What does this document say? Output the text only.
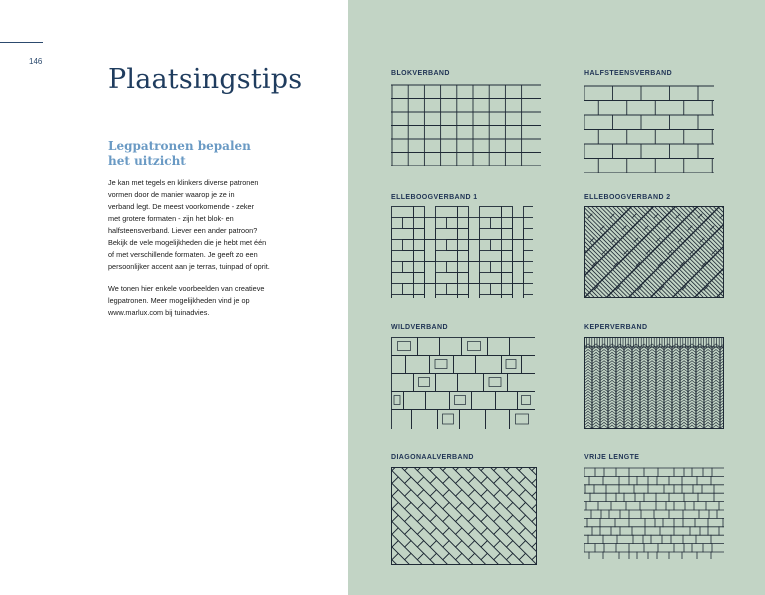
146
Plaatsingstips
Legpatronen bepalen
het uitzicht

Je kan met tegels en klinkers diverse patronen
vormen door de manier waarop je ze in
verband legt. De meest voorkomende - zeker
met grotere formaten - zijn het blok- en
halfsteensverband. Liever een ander patroon?
Bekijk de vele mogelijkheden die je hebt met één
of met verschillende formaten. Je geeft zo een
persoonlijker accent aan je terras, tuinpad of oprit.

We tonen hier enkele voorbeelden van creatieve
legpatronen. Meer mogelijkheden vind je op
www.marlux.com bij tuinadvies.

BLOKVERBAND	HALFSTEENSVERBAND
ELLEBOOGVERBAND 1	ELLEBOOGVERBAND 2
WILDVERBAND	KEPERVERBAND
DIAGONAALVERBAND	VRIJE LENGTE
